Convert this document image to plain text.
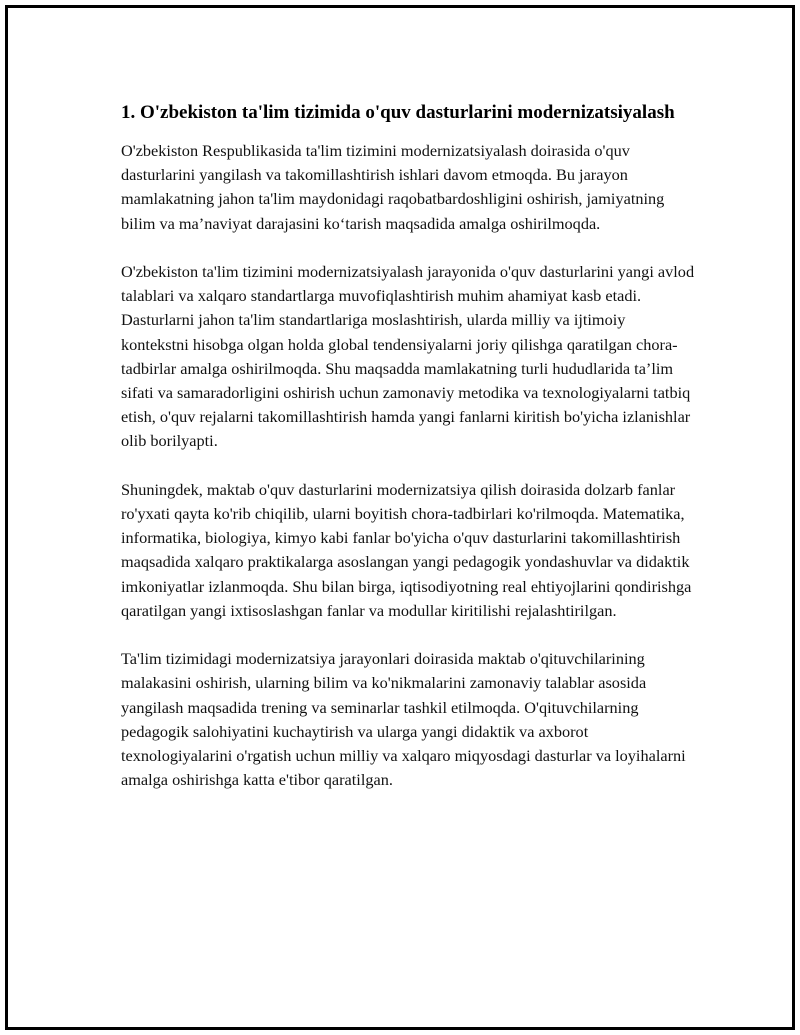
1. O'zbekiston ta'lim tizimida o'quv dasturlarini modernizatsiyalash

O'zbekiston Respublikasida ta'lim tizimini modernizatsiyalash doirasida o'quv dasturlarini yangilash va takomillashtirish ishlari davom etmoqda. Bu jarayon mamlakatning jahon ta'lim maydonidagi raqobatbardoshligini oshirish, jamiyatning bilim va ma’naviyat darajasini ko‘tarish maqsadida amalga oshirilmoqda.

O'zbekiston ta'lim tizimini modernizatsiyalash jarayonida o'quv dasturlarini yangi avlod talablari va xalqaro standartlarga muvofiqlashtirish muhim ahamiyat kasb etadi. Dasturlarni jahon ta'lim standartlariga moslashtirish, ularda milliy va ijtimoiy kontekstni hisobga olgan holda global tendensiyalarni joriy qilishga qaratilgan chora-tadbirlar amalga oshirilmoqda. Shu maqsadda mamlakatning turli hududlarida ta’lim sifati va samaradorligini oshirish uchun zamonaviy metodika va texnologiyalarni tatbiq etish, o'quv rejalarni takomillashtirish hamda yangi fanlarni kiritish bo'yicha izlanishlar olib borilyapti.

Shuningdek, maktab o'quv dasturlarini modernizatsiya qilish doirasida dolzarb fanlar ro'yxati qayta ko'rib chiqilib, ularni boyitish chora-tadbirlari ko'rilmoqda. Matematika, informatika, biologiya, kimyo kabi fanlar bo'yicha o'quv dasturlarini takomillashtirish maqsadida xalqaro praktikalarga asoslangan yangi pedagogik yondashuvlar va didaktik imkoniyatlar izlanmoqda. Shu bilan birga, iqtisodiyotning real ehtiyojlarini qondirishga qaratilgan yangi ixtisoslashgan fanlar va modullar kiritilishi rejalashtirilgan.

Ta'lim tizimidagi modernizatsiya jarayonlari doirasida maktab o'qituvchilarining malakasini oshirish, ularning bilim va ko'nikmalarini zamonaviy talablar asosida yangilash maqsadida trening va seminarlar tashkil etilmoqda. O'qituvchilarning pedagogik salohiyatini kuchaytirish va ularga yangi didaktik va axborot texnologiyalarini o'rgatish uchun milliy va xalqaro miqyosdagi dasturlar va loyihalarni amalga oshirishga katta e'tibor qaratilgan.
